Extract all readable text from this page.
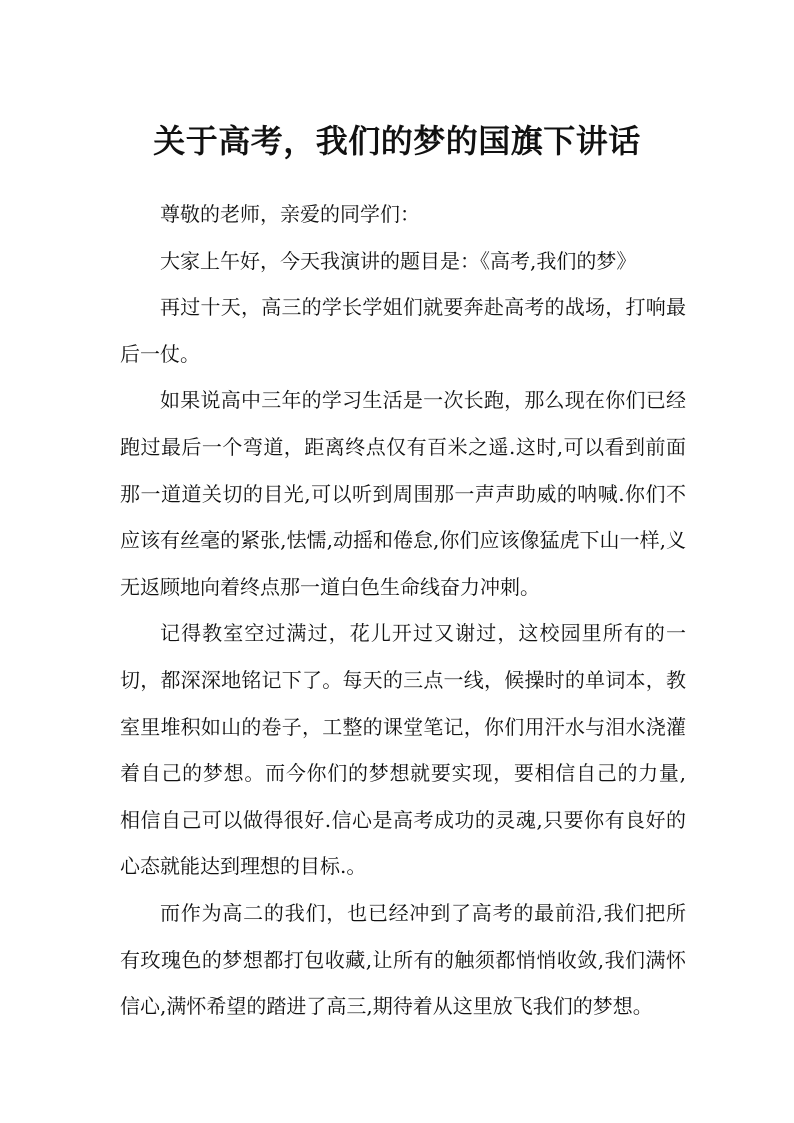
关于高考，我们的梦的国旗下讲话

尊敬的老师，亲爱的同学们：

大家上午好，今天我演讲的题目是：《高考,我们的梦》

再过十天，高三的学长学姐们就要奔赴高考的战场，打响最后一仗。

如果说高中三年的学习生活是一次长跑，那么现在你们已经跑过最后一个弯道，距离终点仅有百米之遥.这时,可以看到前面那一道道关切的目光,可以听到周围那一声声助威的呐喊.你们不应该有丝毫的紧张,怯懦,动摇和倦怠,你们应该像猛虎下山一样,义无返顾地向着终点那一道白色生命线奋力冲刺。

记得教室空过满过，花儿开过又谢过，这校园里所有的一切，都深深地铭记下了。每天的三点一线，候操时的单词本，教室里堆积如山的卷子，工整的课堂笔记，你们用汗水与泪水浇灌着自己的梦想。而今你们的梦想就要实现，要相信自己的力量,相信自己可以做得很好.信心是高考成功的灵魂,只要你有良好的心态就能达到理想的目标.。

而作为高二的我们，也已经冲到了高考的最前沿,我们把所有玫瑰色的梦想都打包收藏,让所有的触须都悄悄收敛,我们满怀信心,满怀希望的踏进了高三,期待着从这里放飞我们的梦想。
